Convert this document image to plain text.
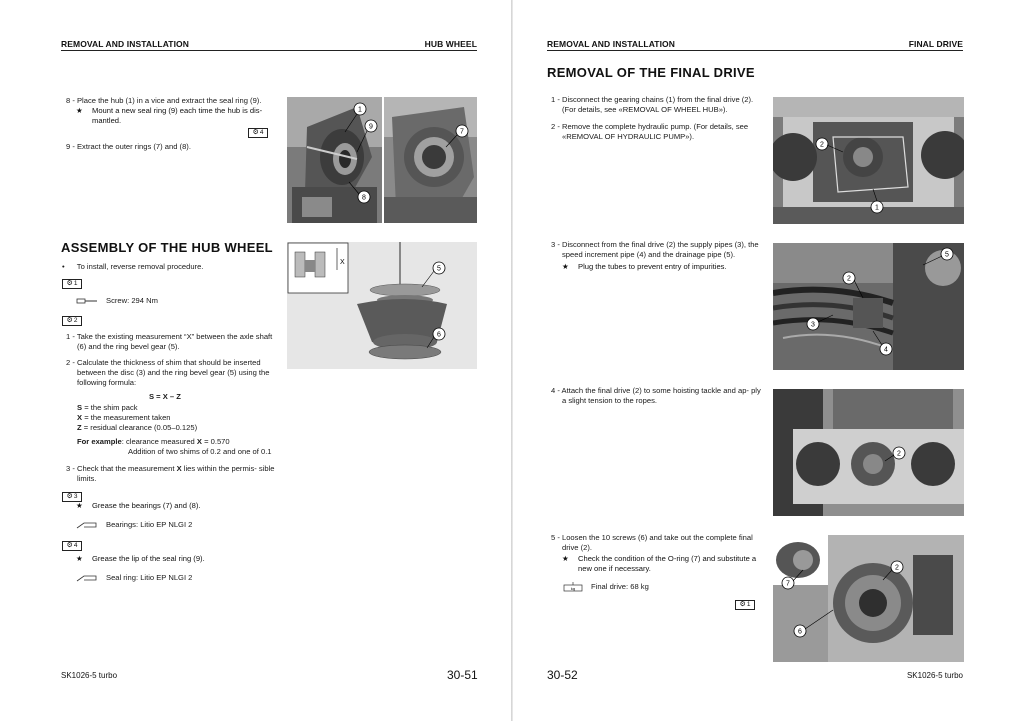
REMOVAL AND INSTALLATION	HUB WHEEL
8 - Place the hub (1) in a vice and extract the seal ring (9).
★ Mount a new seal ring (9) each time the hub is dis- mantled.
⚙4
9 - Extract the outer rings (7) and (8).
1
9
8
7
ASSEMBLY OF THE HUB WHEEL
• To install, reverse removal procedure.
⚙1
Screw: 294 Nm
⚙2
1 - Take the existing measurement “X” between the axle shaft (6) and the ring bevel gear (5).
2 - Calculate the thickness of shim that should be inserted between the disc (3) and the ring bevel gear (5) using the following formula:
S = X – Z
S = the shim pack
X = the measurement taken
Z = residual clearance (0.05–0.125)
For example: clearance measured X = 0.570
Addition of two shims of 0.2 and one of 0.1
3 - Check that the measurement X lies within the permis- sible limits.
⚙3
★ Grease the bearings (7) and (8).
Bearings: Litio EP NLGI 2
⚙4
★ Grease the lip of the seal ring (9).
Seal ring: Litio EP NLGI 2
X
5
6
SK1026-5 turbo	30-51
REMOVAL AND INSTALLATION	FINAL DRIVE
REMOVAL OF THE FINAL DRIVE
1 - Disconnect the gearing chains (1) from the final drive (2). (For details, see «REMOVAL OF WHEEL HUB»).
2 - Remove the complete hydraulic pump. (For details, see «REMOVAL OF HYDRAULIC PUMP»).
3 - Disconnect from the final drive (2) the supply pipes (3), the speed increment pipe (4) and the drainage pipe (5).
★ Plug the tubes to prevent entry of impurities.
4 - Attach the final drive (2) to some hoisting tackle and ap- ply a slight tension to the ropes.
5 - Loosen the 10 screws (6) and take out the complete final drive (2).
★ Check the condition of the O-ring (7) and substitute a new one if necessary.
kg Final drive: 68 kg
⚙1
2
1
5
2
3
4
2
7
2
6
30-52	SK1026-5 turbo
